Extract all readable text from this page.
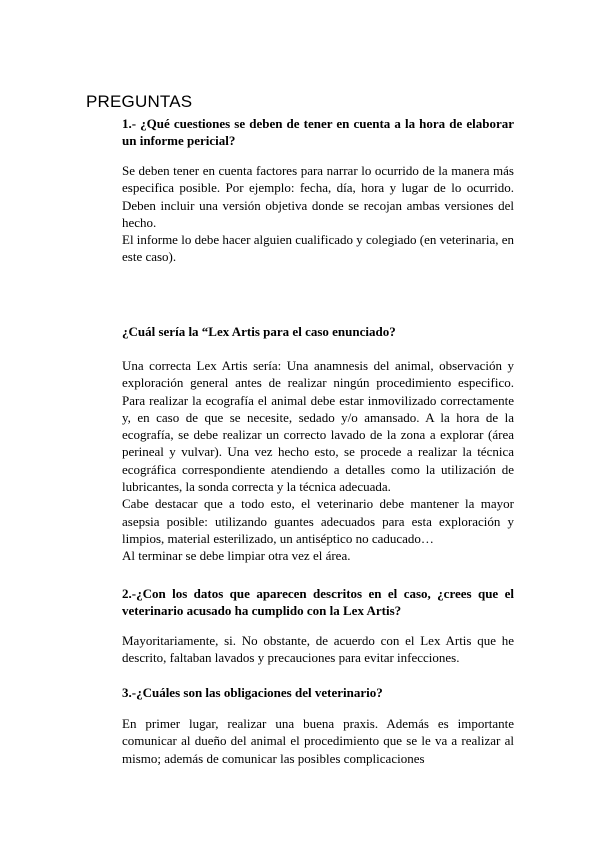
PREGUNTAS
1.- ¿Qué cuestiones se deben de tener en cuenta a la hora de elaborar un informe pericial?

Se deben tener en cuenta factores para narrar lo ocurrido de la manera más especifica posible. Por ejemplo: fecha, día, hora y lugar de lo ocurrido. Deben incluir una versión objetiva donde se recojan ambas versiones del hecho.

El informe lo debe hacer alguien cualificado y colegiado (en veterinaria, en este caso).

¿Cuál sería la “Lex Artis para el caso enunciado?

Una correcta Lex Artis sería: Una anamnesis del animal, observación y exploración general antes de realizar ningún procedimiento especifico. Para realizar la ecografía el animal debe estar inmovilizado correctamente y, en caso de que se necesite, sedado y/o amansado. A la hora de la ecografía, se debe realizar un correcto lavado de la zona a explorar (área perineal y vulvar). Una vez hecho esto, se procede a realizar la técnica ecográfica correspondiente atendiendo a detalles como la utilización de lubricantes, la sonda correcta y la técnica adecuada.

Cabe destacar que a todo esto, el veterinario debe mantener la mayor asepsia posible: utilizando guantes adecuados para esta exploración y limpios, material esterilizado, un antiséptico no caducado…

Al terminar se debe limpiar otra vez el área.

2.-¿Con los datos que aparecen descritos en el caso, ¿crees que el veterinario acusado ha cumplido con la Lex Artis?

Mayoritariamente, si. No obstante, de acuerdo con el Lex Artis que he descrito, faltaban lavados y precauciones para evitar infecciones.

3.-¿Cuáles son las obligaciones del veterinario?

En primer lugar, realizar una buena praxis. Además es importante comunicar al dueño del animal el procedimiento que se le va a realizar al mismo; además de comunicar las posibles complicaciones
